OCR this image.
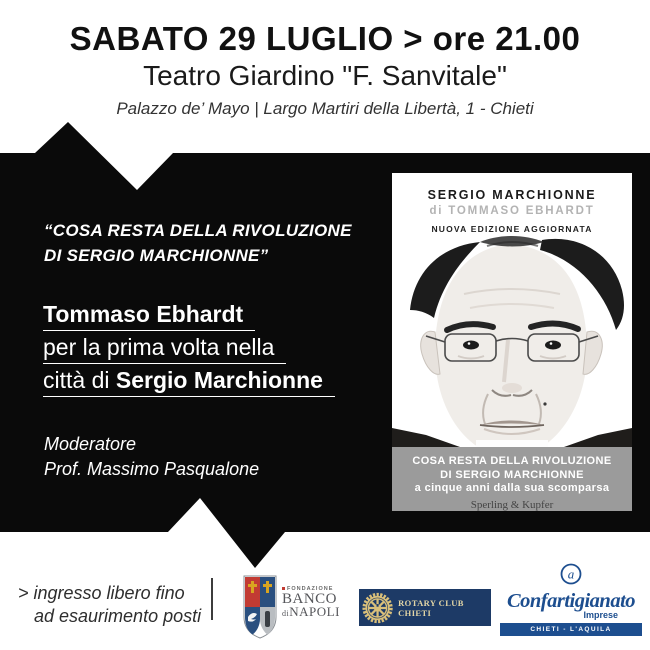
SABATO 29 LUGLIO > ore 21.00
Teatro Giardino "F. Sanvitale"
Palazzo de’ Mayo | Largo Martiri della Libertà, 1 - Chieti
“COSA RESTA DELLA RIVOLUZIONE
DI SERGIO MARCHIONNE”
Tommaso Ebhardt
per la prima volta nella
città di Sergio Marchionne
Moderatore
Prof. Massimo Pasqualone
SERGIO MARCHIONNE
di TOMMASO EBHARDT
NUOVA EDIZIONE AGGIORNATA
COSA RESTA DELLA RIVOLUZIONE
DI SERGIO MARCHIONNE
a cinque anni dalla sua scomparsa
Sperling & Kupfer
> ingresso libero fino
ad esaurimento posti
FONDAZIONE
BANCO
diNAPOLI
ROTARY CLUB CHIETI
a
Confartigianato
Imprese
CHIETI - L'AQUILA
